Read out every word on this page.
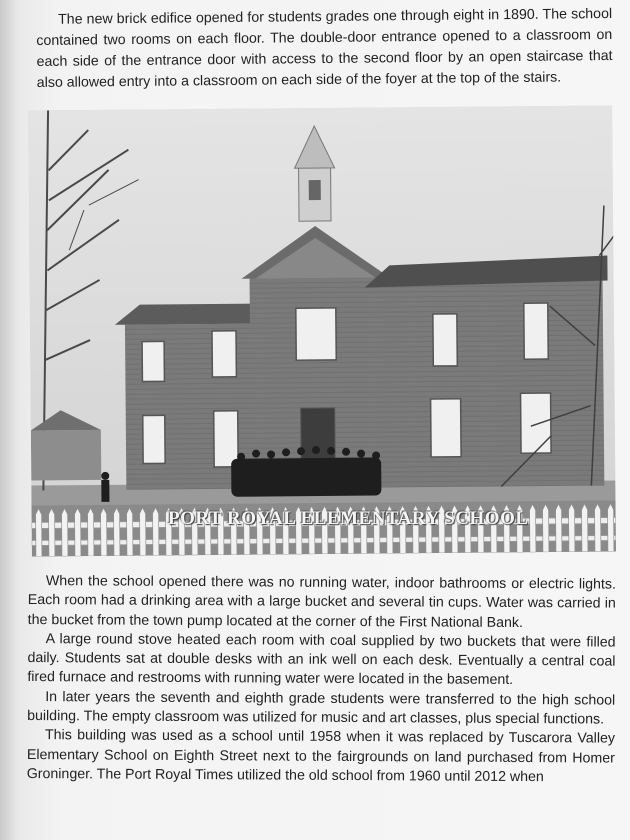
The new brick edifice opened for students grades one through eight in 1890. The school contained two rooms on each floor. The double-door entrance opened to a classroom on each side of the entrance door with access to the second floor by an open staircase that also allowed entry into a classroom on each side of the foyer at the top of the stairs.

PORT ROYAL ELEMENTARY SCHOOL

When the school opened there was no running water, indoor bathrooms or electric lights. Each room had a drinking area with a large bucket and several tin cups. Water was carried in the bucket from the town pump located at the corner of the First National Bank.

A large round stove heated each room with coal supplied by two buckets that were filled daily. Students sat at double desks with an ink well on each desk. Eventually a central coal fired furnace and restrooms with running water were located in the basement.

In later years the seventh and eighth grade students were transferred to the high school building. The empty classroom was utilized for music and art classes, plus special functions.

This building was used as a school until 1958 when it was replaced by Tuscarora Valley Elementary School on Eighth Street next to the fairgrounds on land purchased from Homer Groninger. The Port Royal Times utilized the old school from 1960 until 2012 when
